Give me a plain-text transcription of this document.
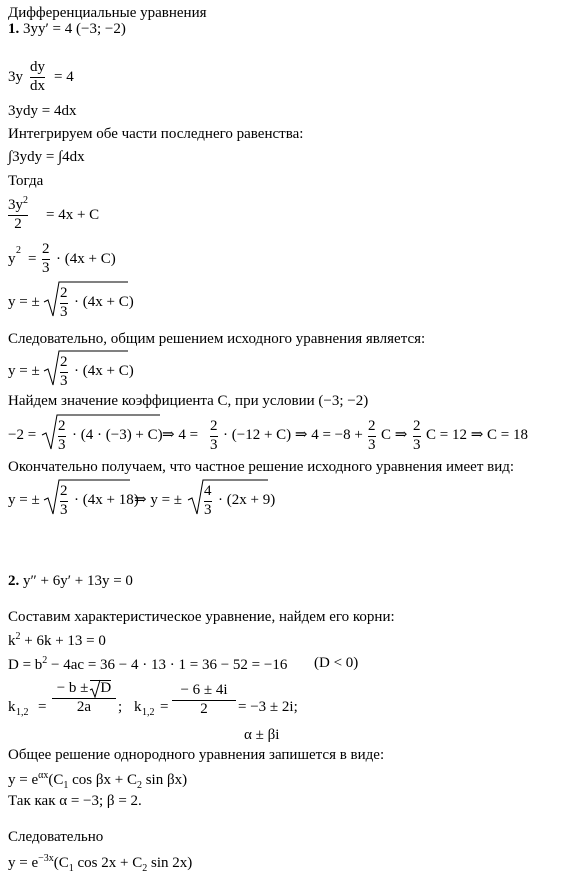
Дифференциальные уравнения
1. 3yy′ = 4 (−3; −2)
3y
dy
dx
= 4
3ydy = 4dx
Интегрируем обе части последнего равенства:
∫3ydy = ∫4dx
Тогда
$3y^2$
2
= 4x + C
y
2
=
2
3
· (4x + C)
y = ±
2
3
· (4x + C)
Следовательно, общим решением исходного уравнения является:
y = ±
2
3
· (4x + C)
Найдем значение коэффициента С, при условии (−3; −2)
−2 =
2
3
· (4 · (−3) + C) ⇒ 4 =
2
3
· (−12 + C) ⇒ 4 = −8 +
2
3
C ⇒
2
3
C = 12 ⇒ C = 18
Окончательно получаем, что частное решение исходного уравнения имеет вид:
y = ±
2
3
· (4x + 18)
⇒ y = ±
4
3
· (2x + 9)
2. y″ + 6y′ + 13y = 0
Составим характеристическое уравнение, найдем его корни:
$k^2 + 6k + 13 = 0$
$D = b^2 - 4ac = 36 - 4 \cdot 13 \cdot 1 = 36 - 52 = -16$ (D < 0)
k 1,2 =
− b ± D
2a	; k 1,2 =
− 6 ± 4i
2	= −3 ± 2i;
α ± βi
Общее решение однородного уравнения запишется в виде:
$y = e^{\alpha x}(C_1$ $\cos \beta x + C_2$ sin βx)
Так как α = −3; β = 2.
Следовательно
$y = e^{-3x}(C_1$ $\cos 2x + C_2$ sin 2x)
